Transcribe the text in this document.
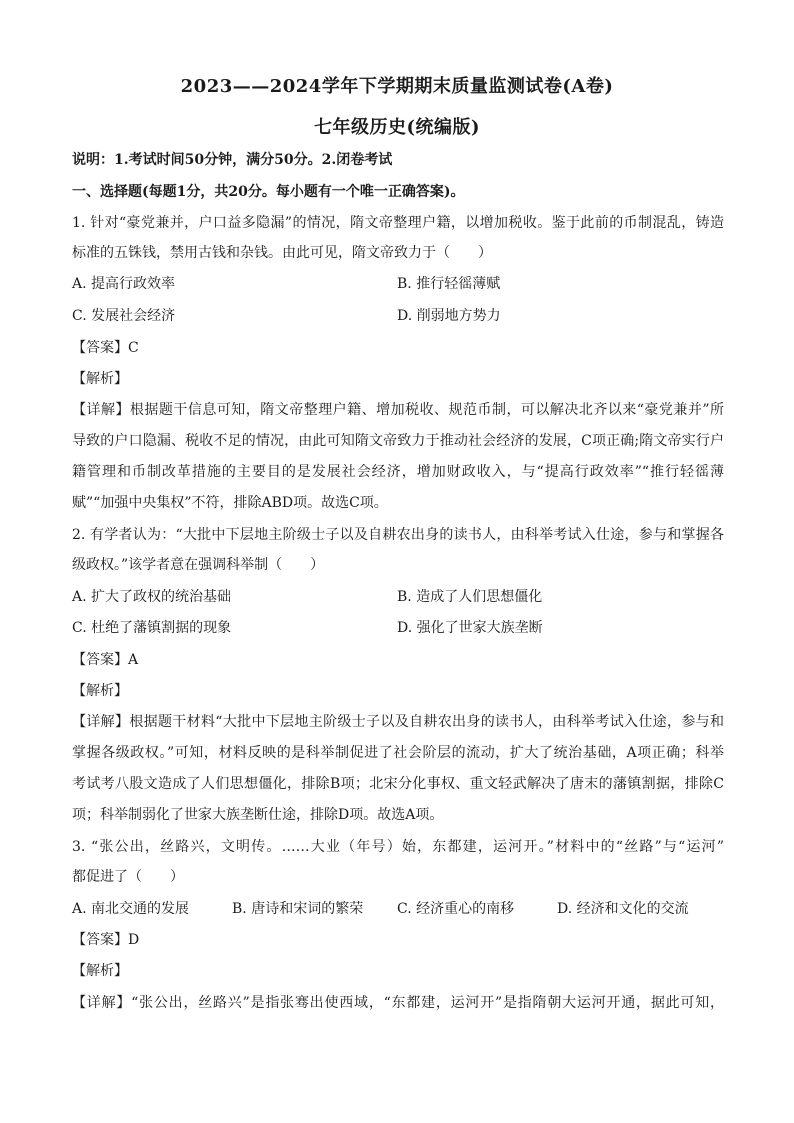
2023——2024学年下学期期末质量监测试卷(A卷)
七年级历史(统编版)
说明：1.考试时间50分钟，满分50分。2.闭卷考试
一、选择题(每题1分，共20分。每小题有一个唯一正确答案)。
1. 针对“豪党兼并，户口益多隐漏”的情况，隋文帝整理户籍，以增加税收。鉴于此前的币制混乱，铸造
标准的五铢钱，禁用古钱和杂钱。由此可见，隋文帝致力于（　　）
A. 提高行政效率	B. 推行轻徭薄赋
C. 发展社会经济	D. 削弱地方势力
【答案】C
【解析】
【详解】根据题干信息可知，隋文帝整理户籍、增加税收、规范币制，可以解决北齐以来“豪党兼并”所
导致的户口隐漏、税收不足的情况，由此可知隋文帝致力于推动社会经济的发展，C项正确;隋文帝实行户
籍管理和币制改革措施的主要目的是发展社会经济，增加财政收入，与“提高行政效率”“推行轻徭薄
赋”“加强中央集权”不符，排除ABD项。故选C项。
2. 有学者认为：“大批中下层地主阶级士子以及自耕农出身的读书人，由科举考试入仕途，参与和掌握各
级政权。”该学者意在强调科举制（　　）
A. 扩大了政权的统治基础	B. 造成了人们思想僵化
C. 杜绝了藩镇割据的现象	D. 强化了世家大族垄断
【答案】A
【解析】
【详解】根据题干材料“大批中下层地主阶级士子以及自耕农出身的读书人，由科举考试入仕途，参与和
掌握各级政权。”可知，材料反映的是科举制促进了社会阶层的流动，扩大了统治基础，A项正确；科举
考试考八股文造成了人们思想僵化，排除B项；北宋分化事权、重文轻武解决了唐末的藩镇割据，排除C
项；科举制弱化了世家大族垄断仕途，排除D项。故选A项。
3. “张公出，丝路兴，文明传。……大业（年号）始，东都建，运河开。”材料中的“丝路”与“运河”
都促进了（　　）
A. 南北交通的发展	B. 唐诗和宋词的繁荣 C. 经济重心的南移	D. 经济和文化的交流
【答案】D
【解析】
【详解】“张公出，丝路兴”是指张骞出使西域，“东都建，运河开”是指隋朝大运河开通，据此可知，
